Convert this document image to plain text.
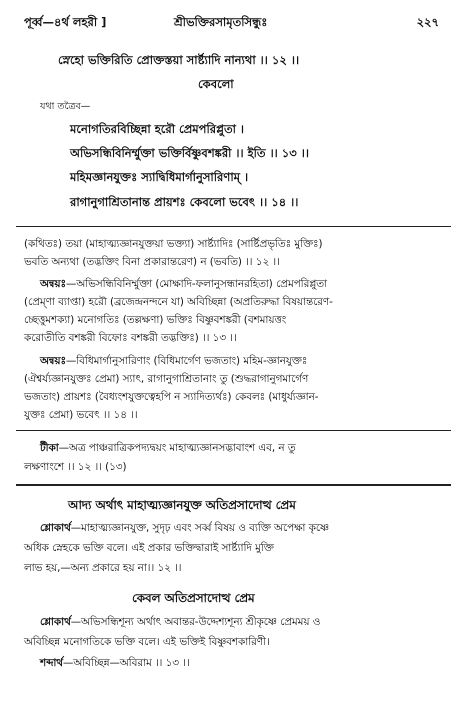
পূর্ব্ব—৪র্থ লহরী ]	শ্রীভক্তিরসামৃতসিন্ধুঃ	২২৭
স্নেহো ভক্তিরিতি প্রোক্তস্তয়া সার্ষ্ট্যাদি নান্যথা ।। ১২ ।।
কেবলো
যথা তত্রৈব—
মনোগতিরবিচ্ছিন্না হরৌ প্রেমপরিপ্লুতা ।
অভিসন্ধিবিনির্ম্মুক্তা ভক্তির্বিষ্ণুবশঙ্করী ।। ইতি ।। ১৩ ।।
মহিমজ্ঞানযুক্তঃ স্যাদ্বিধিমার্গানুসারিণাম্ ।
রাগানুগাশ্রিতানান্ত প্রায়শঃ কেবলো ভবেৎ ।। ১৪ ।।
(কথিতঃ) তয়া (মাহাত্ম্যজ্ঞানযুক্তয়া ভক্ত্যা) সার্ষ্ট্যাদিঃ (সার্ষ্টিপ্রভৃতিঃ মুক্তিঃ)
ভবতি অন্যথা (তদ্ভক্তিং বিনা প্রকারান্তরেণ) ন (ভবতি) ।। ১২ ।।
অন্বয়ঃ—অভিসন্ধিবিনির্ম্মুক্তা (মোক্ষাদি-ফলানুসন্ধানরহিতা) প্রেমপরিপ্লুতা
(প্রেম্ণা ব্যাপ্তা) হরৌ (ব্রজেন্দ্রনন্দনে যা) অবিচ্ছিন্না (অপ্রতিরুদ্ধা বিষয়ান্তরেণ-
চ্ছেত্তুমশক্যা) মনোগতিঃ (তল্লক্ষণা) ভক্তিঃ বিষ্ণুবশঙ্করী (বশমায়ত্তং
করোতীতি বশঙ্করী বিফোঃ বশঙ্করী তদ্ভক্তিঃ) ।। ১৩ ।।
অন্বয়ঃ—বিধিমার্গানুসারিণাং (বিধিমার্গেণ ভজতাং) মহিম-জ্ঞানযুক্তঃ
(ঐশ্বর্য্যজ্ঞানযুক্তঃ প্রেমা) স্যাৎ, রাগানুগাশ্রিতানাং তু (শুদ্ধরাগানুগমার্গেণ
ভজতাং) প্রায়শঃ (বৈধ্যংশযুক্তত্বেহপি ন স্যাদিত্যর্থঃ) কেবলঃ (মাধুর্য্যজ্ঞান-
যুক্তঃ প্রেমা) ভবেৎ ।। ১৪ ।।
টীকা—অত্র পাঞ্চরাত্রিকপদ্যদ্বয়ং মাহাত্ম্যজ্ঞানসদ্ভাবাংশ এব, ন তু
লক্ষণাংশে ।। ১২ ।। (১৩)
আদ্য অর্থাৎ মাহাত্ম্যজ্ঞানযুক্ত অতিপ্রসাদোত্থ প্রেম
শ্লোকার্থ—মাহাত্ম্যজ্ঞানযুক্ত, সুদৃঢ় এবং সর্ব্ব বিষয় ও ব্যক্তি অপেক্ষা কৃষ্ণে
অধিক স্নেহকে ভক্তি বলে। এই প্রকার ভক্তিদ্বারাই সার্ষ্ট্যাদি মুক্তি
লাভ হয়,—অন্য প্রকারে হয় না।। ১২ ।।
কেবল অতিপ্রসাদোত্থ প্রেম
শ্লোকার্থ—অভিসন্ধিশূন্য অর্থাৎ অবান্তর-উদ্দেশ্যশূন্য শ্রীকৃষ্ণে প্রেমময় ও
অবিচ্ছিন্ন মনোগতিকে ভক্তি বলে। এই ভক্তিই বিষ্ণুবশকারিণী।
শব্দার্থ—অবিচ্ছিন্ন—অবিরাম ।। ১৩ ।।
